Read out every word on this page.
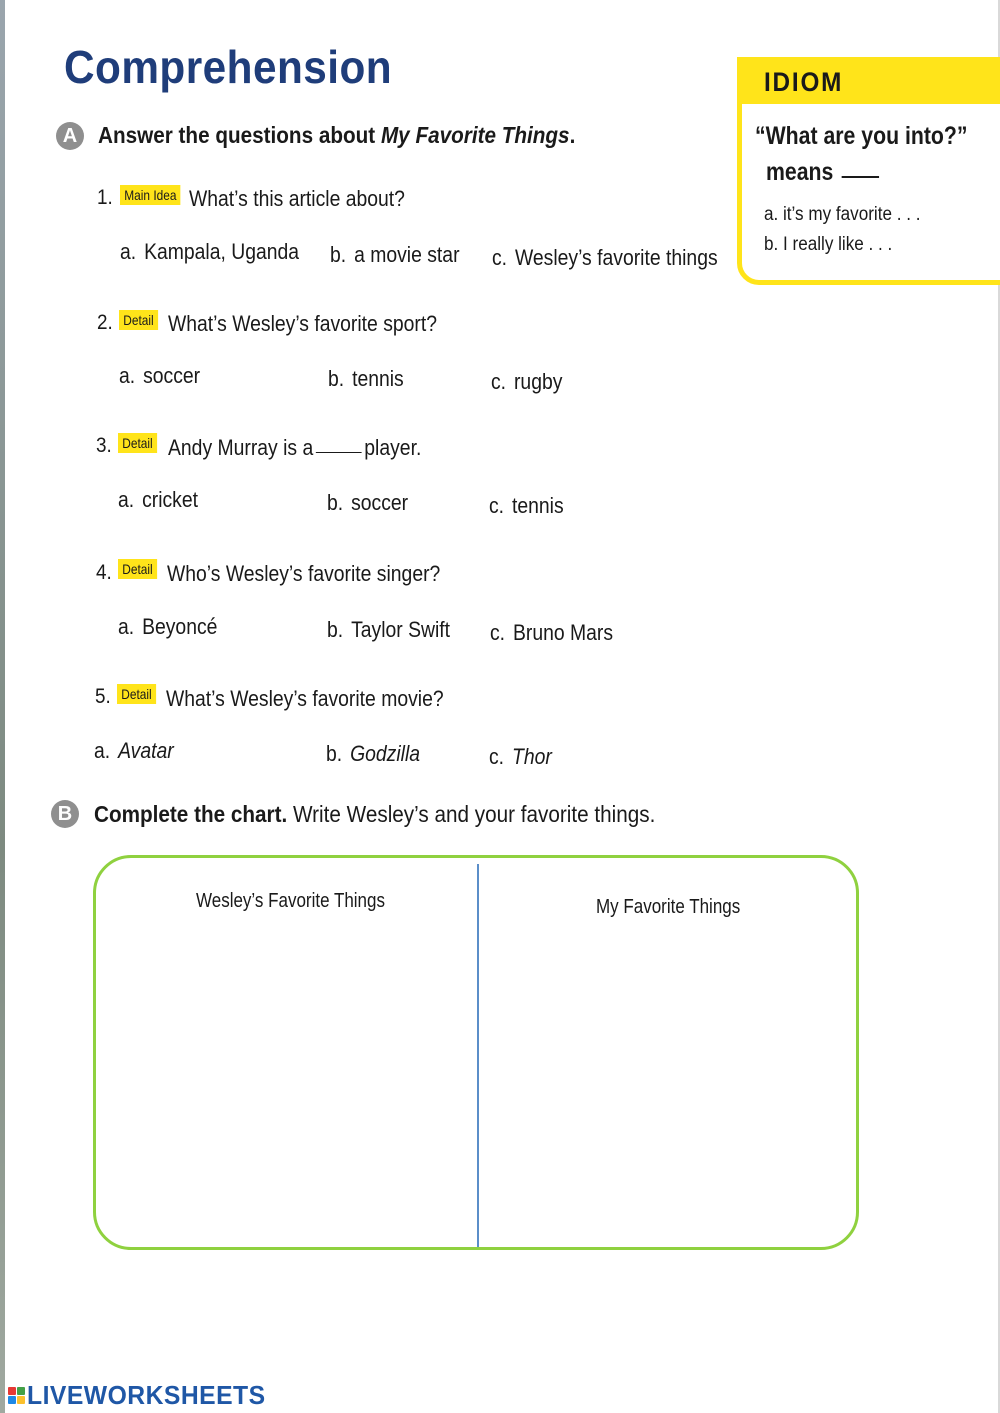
Comprehension
A Answer the questions about My Favorite Things.
1. Main Idea What’s this article about?
a. Kampala, Uganda b. a movie star c. Wesley’s favorite things
2. Detail What’s Wesley’s favorite sport?
a. soccer	b. tennis	c. rugby
3. Detail Andy Murray is a player.
a. cricket	b. soccer	c. tennis
4. Detail Who’s Wesley’s favorite singer?
a. Beyoncé	b. Taylor Swift c. Bruno Mars
5. Detail What’s Wesley’s favorite movie?
a. Avatar	b. Godzilla	c. Thor
B Complete the chart. Write Wesley’s and your favorite things.
Wesley’s Favorite Things	My Favorite Things
IDIOM
“What are you into?”
means
a. it’s my favorite . . .
b. I really like . . .
LIVEWORKSHEETS
